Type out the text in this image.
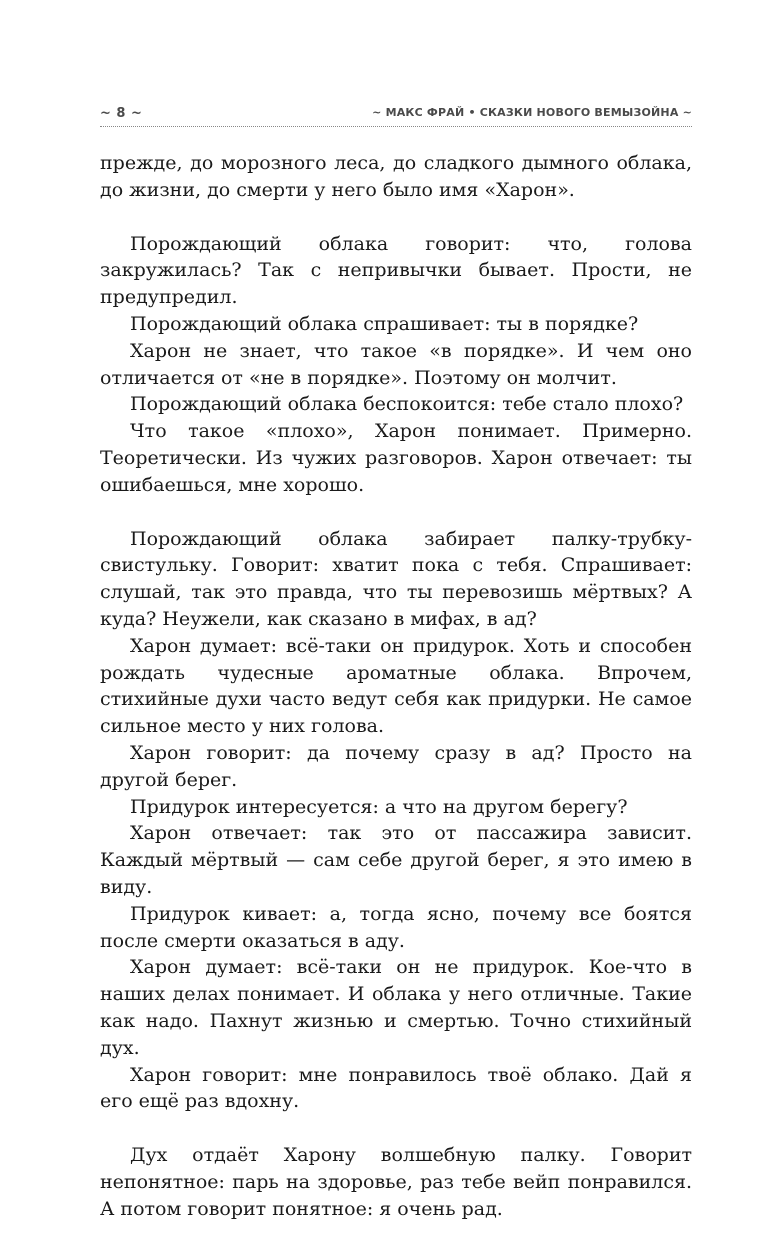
~ 8 ~	~ МАКС ФРАЙ • СКАЗКИ НОВОГО ВЕМЫЗОЙНА ~

прежде, до морозного леса, до сладкого дымного облака, до жизни, до смерти у него было имя «Харон».

Порождающий облака говорит: что, голова закружилась? Так с непривычки бывает. Прости, не предупредил.

Порождающий облака спрашивает: ты в порядке?

Харон не знает, что такое «в порядке». И чем оно отличается от «не в порядке». Поэтому он молчит.

Порождающий облака беспокоится: тебе стало плохо?

Что такое «плохо», Харон понимает. Примерно. Теоретически. Из чужих разговоров. Харон отвечает: ты ошибаешься, мне хорошо.

Порождающий облака забирает палку-трубку-свистульку. Говорит: хватит пока с тебя. Спрашивает: слушай, так это правда, что ты перевозишь мёртвых? А куда? Неужели, как сказано в мифах, в ад?

Харон думает: всё-таки он придурок. Хоть и способен рождать чудесные ароматные облака. Впрочем, стихийные духи часто ведут себя как придурки. Не самое сильное место у них голова.

Харон говорит: да почему сразу в ад? Просто на другой берег.

Придурок интересуется: а что на другом берегу?

Харон отвечает: так это от пассажира зависит. Каждый мёртвый — сам себе другой берег, я это имею в виду.

Придурок кивает: а, тогда ясно, почему все боятся после смерти оказаться в аду.

Харон думает: всё-таки он не придурок. Кое-что в наших делах понимает. И облака у него отличные. Такие как надо. Пахнут жизнью и смертью. Точно стихийный дух.

Харон говорит: мне понравилось твоё облако. Дай я его ещё раз вдохну.

Дух отдаёт Харону волшебную палку. Говорит непонятное: парь на здоровье, раз тебе вейп понравился. А потом говорит понятное: я очень рад.
